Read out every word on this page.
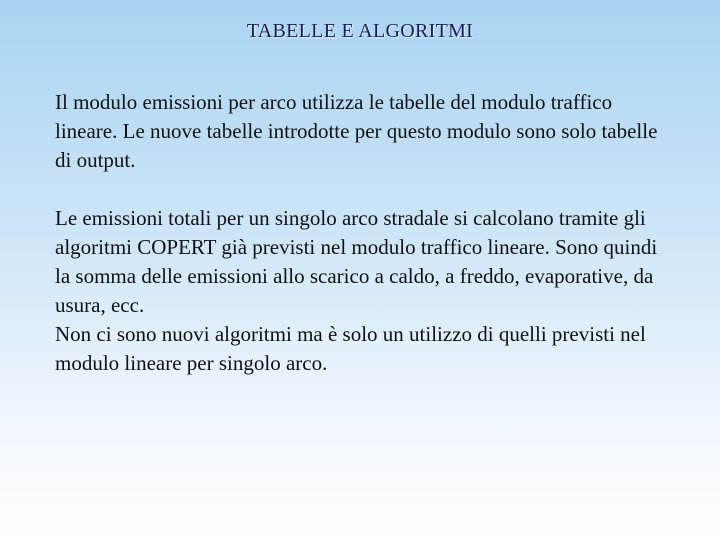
TABELLE E ALGORITMI

Il modulo emissioni per arco utilizza le tabelle del modulo traffico lineare. Le nuove tabelle introdotte per questo modulo sono solo tabelle di output.

Le emissioni totali per un singolo arco stradale si calcolano tramite gli algoritmi COPERT già previsti nel modulo traffico lineare. Sono quindi la somma delle emissioni allo scarico a caldo, a freddo, evaporative, da usura, ecc.

Non ci sono nuovi algoritmi ma è solo un utilizzo di quelli previsti nel modulo lineare per singolo arco.
